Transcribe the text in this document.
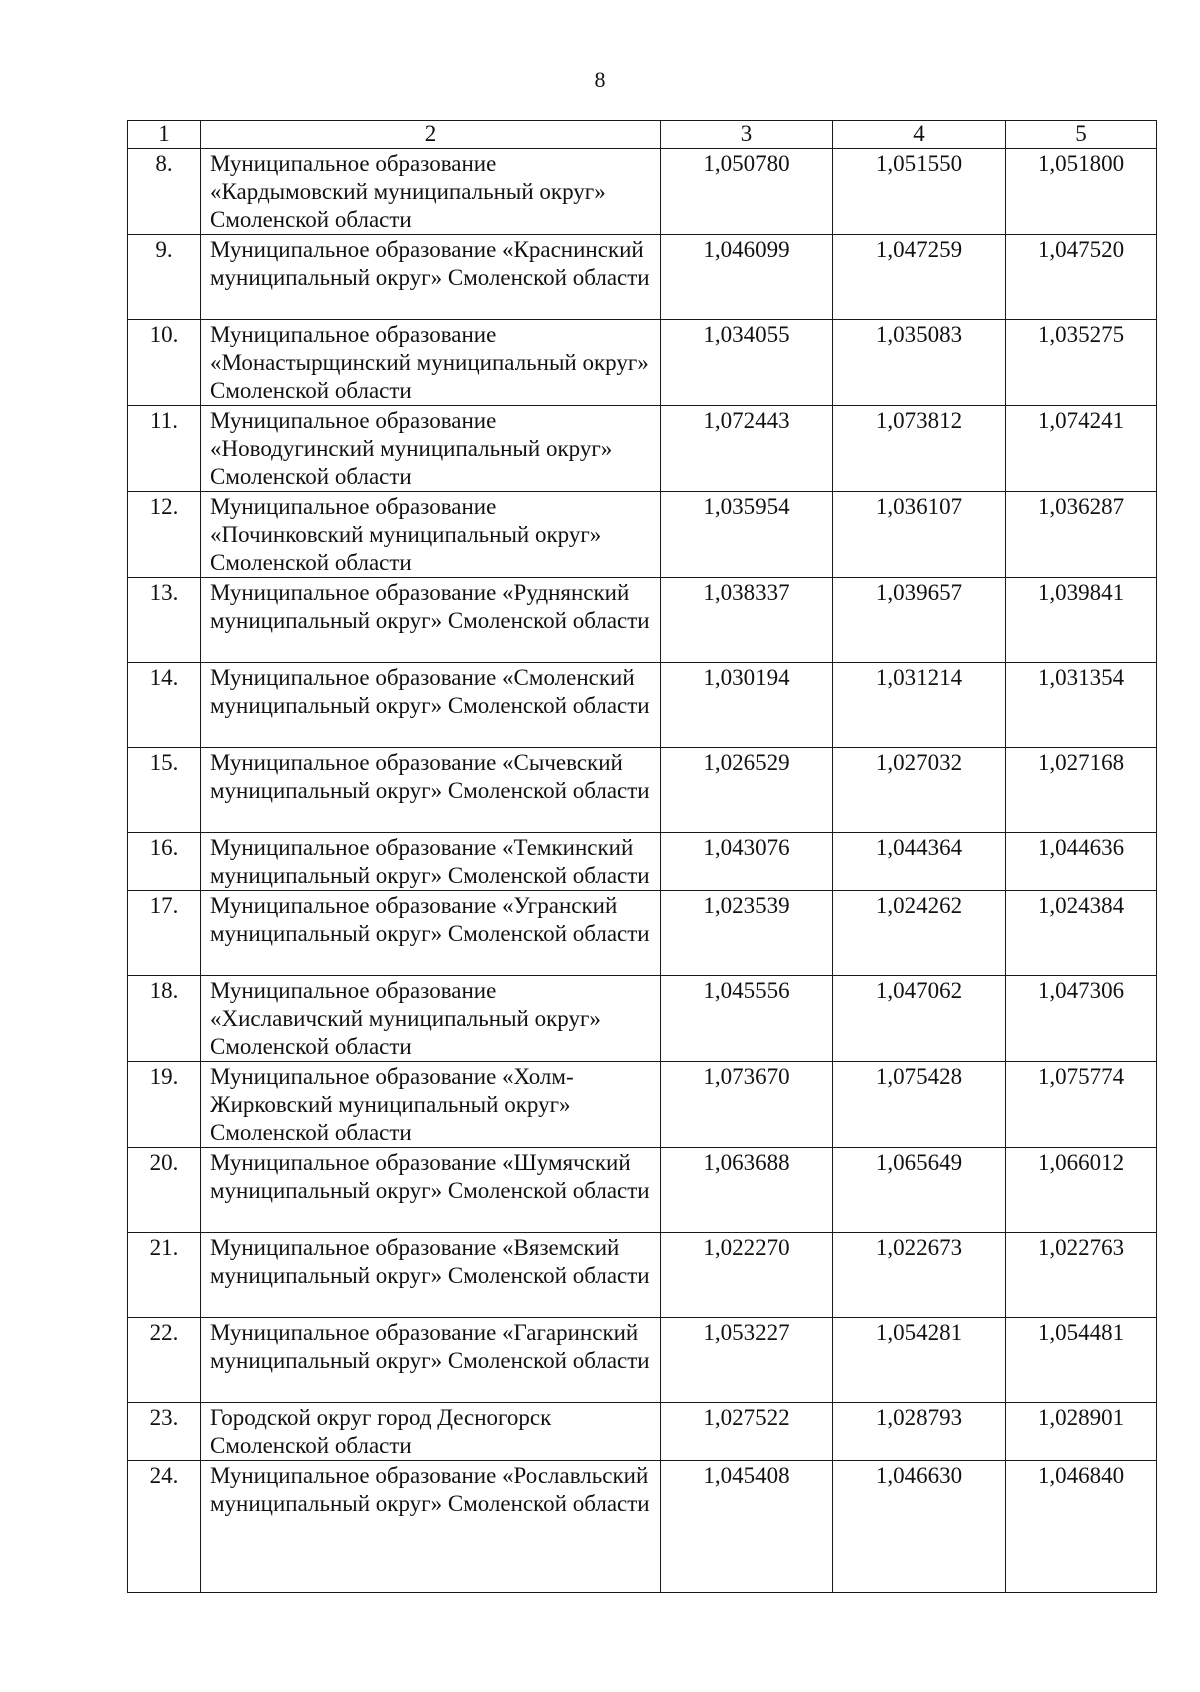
8
1	2	3	4	5
8.	Муниципальное образование «Кардымовский муниципальный округ» Смоленской области	1,050780	1,051550	1,051800
9.	Муниципальное образование «Краснинский муниципальный округ» Смоленской области	1,046099	1,047259	1,047520
10.	Муниципальное образование «Монастырщинский муниципальный округ» Смоленской области	1,034055	1,035083	1,035275
11.	Муниципальное образование «Новодугинский муниципальный округ» Смоленской области	1,072443	1,073812	1,074241
12.	Муниципальное образование «Починковский муниципальный округ» Смоленской области	1,035954	1,036107	1,036287
13.	Муниципальное образование «Руднянский муниципальный округ» Смоленской области	1,038337	1,039657	1,039841
14.	Муниципальное образование «Смоленский муниципальный округ» Смоленской области	1,030194	1,031214	1,031354
15.	Муниципальное образование «Сычевский муниципальный округ» Смоленской области	1,026529	1,027032	1,027168
16.	Муниципальное образование «Темкинский муниципальный округ» Смоленской области	1,043076	1,044364	1,044636
17.	Муниципальное образование «Угранский муниципальный округ» Смоленской области	1,023539	1,024262	1,024384
18.	Муниципальное образование «Хиславичский муниципальный округ» Смоленской области	1,045556	1,047062	1,047306
19.	Муниципальное образование «Холм-Жирковский муниципальный округ» Смоленской области	1,073670	1,075428	1,075774
20.	Муниципальное образование «Шумячский муниципальный округ» Смоленской области	1,063688	1,065649	1,066012
21.	Муниципальное образование «Вяземский муниципальный округ» Смоленской области	1,022270	1,022673	1,022763
22.	Муниципальное образование «Гагаринский муниципальный округ» Смоленской области	1,053227	1,054281	1,054481
23.	Городской округ город Десногорск Смоленской области	1,027522	1,028793	1,028901
24.	Муниципальное образование «Рославльский муниципальный округ» Смоленской области	1,045408	1,046630	1,046840
